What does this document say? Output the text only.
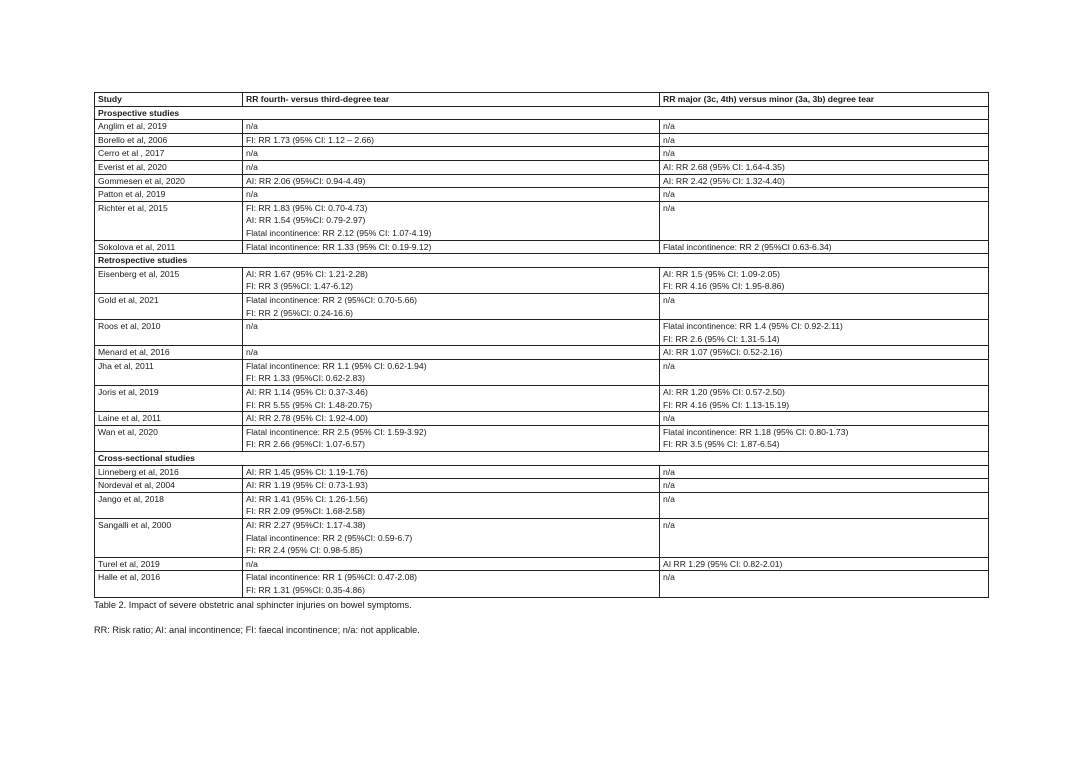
Study	RR fourth- versus third-degree tear	RR major (3c, 4th) versus minor (3a, 3b) degree tear
Prospective studies		
Anglim et al, 2019	n/a	n/a

Borello et al, 2006	FI: RR 1.73 (95% CI: 1.12 – 2.66)	n/a

Cerro et al , 2017	n/a	n/a

Everist et al, 2020	n/a	AI: RR 2.68 (95% CI: 1.64-4.35)

Gommesen et al, 2020	AI: RR 2.06 (95%CI: 0.94-4.49)	AI: RR 2.42 (95% CI: 1.32-4.40)

Patton et al, 2019	n/a	n/a

Richter et al, 2015	FI: RR 1.83 (95% CI: 0.70-4.73)
AI: RR 1.54 (95%CI: 0.79-2.97)
Flatal incontinence: RR 2.12 (95% CI: 1.07-4.19)	n/a

Sokolova et al, 2011	Flatal incontinence: RR 1.33 (95% CI: 0.19-9.12)	Flatal incontinence: RR 2 (95%CI 0.63-6.34)

Retrospective studies		
Eisenberg et al, 2015	AI: RR 1.67 (95% CI: 1.21-2.28)
FI: RR 3 (95%CI: 1.47-6.12)	AI: RR 1.5 (95% CI: 1.09-2.05)
FI: RR 4.16 (95% CI: 1.95-8.86)

Gold et al, 2021	Flatal incontinence: RR 2 (95%CI: 0.70-5.66)
FI: RR 2 (95%CI: 0.24-16.6)	n/a

Roos et al, 2010	n/a	Flatal incontinence: RR 1.4 (95% CI: 0.92-2.11)
FI: RR 2.6 (95% CI: 1.31-5.14)

Menard et al, 2016	n/a	AI: RR 1.07 (95%CI: 0.52-2.16)

Jha et al, 2011	Flatal incontinence: RR 1.1 (95% CI: 0.62-1.94)
FI: RR 1.33 (95%CI: 0.62-2.83)	n/a

Joris et al, 2019	AI: RR 1.14 (95% CI: 0.37-3.46)
FI: RR 5.55 (95% CI: 1.48-20.75)	AI: RR 1.20 (95% CI: 0.57-2.50)
FI: RR 4.16 (95% CI: 1.13-15.19)

Laine et al, 2011	AI: RR 2.78 (95% CI: 1.92-4.00)	n/a

Wan et al, 2020	Flatal incontinence: RR 2.5 (95% CI: 1.59-3.92)
FI: RR 2.66 (95%CI: 1.07-6.57)	Flatal incontinence: RR 1.18 (95% CI: 0.80-1.73)
FI: RR 3.5 (95% CI: 1.87-6.54)

Cross-sectional studies		
Linneberg et al, 2016	AI: RR 1.45 (95% CI: 1.19-1.76)	n/a

Nordeval et al, 2004	AI: RR 1.19 (95% CI: 0.73-1.93)	n/a

Jango et al, 2018	AI: RR 1.41 (95% CI: 1.26-1.56)
FI: RR 2.09 (95%CI: 1.68-2.58)	n/a

Sangalli et al, 2000	AI: RR 2.27 (95%CI: 1.17-4.38)
Flatal incontinence: RR 2 (95%CI: 0.59-6.7)
FI: RR 2.4 (95% CI: 0.98-5.85)	n/a

Turel et al, 2019	n/a	AI RR 1.29 (95% CI: 0.82-2.01)

Halle et al, 2016	Flatal incontinence: RR 1 (95%CI: 0.47-2.08)
FI: RR 1.31 (95%CI: 0.35-4.86)	n/a
Table 2. Impact of severe obstetric anal sphincter injuries on bowel symptoms.
RR: Risk ratio; AI: anal incontinence; FI: faecal incontinence; n/a: not applicable.
